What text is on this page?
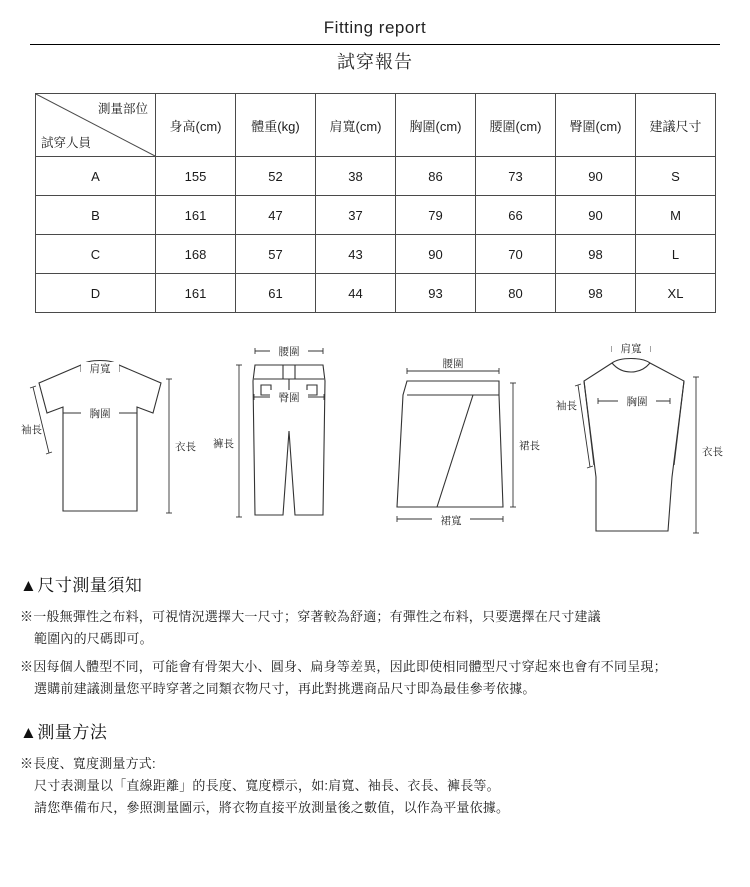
Fitting report
試穿報告
測量部位
試穿人員	身高(cm)	體重(kg)	肩寬(cm)	胸圍(cm)	腰圍(cm)	臀圍(cm)	建議尺寸
A	155	52	38	86	73	90	S
B	161	47	37	79	66	90	M
C	168	57	43	90	70	98	L
D	161	61	44	93	80	98	XL
肩寬
胸圍
衣長
袖長
腰圍
臀圍
褲長
腰圍
裙長
裙寬
肩寬
胸圍
衣長
袖長
▲尺寸測量須知
※一般無彈性之布料，可視情況選擇大一尺寸；穿著較為舒適；有彈性之布料，只要選擇在尺寸建議
範圍內的尺碼即可。
※因每個人體型不同，可能會有骨架大小、圓身、扁身等差異，因此即使相同體型尺寸穿起來也會有不同呈現；
選購前建議測量您平時穿著之同類衣物尺寸，再此對挑選商品尺寸即為最佳參考依據。
▲測量方法
※長度、寬度測量方式:
尺寸表測量以「直線距離」的長度、寬度標示，如:肩寬、袖長、衣長、褲長等。
請您準備布尺，參照測量圖示，將衣物直接平放測量後之數值，以作為平量依據。
